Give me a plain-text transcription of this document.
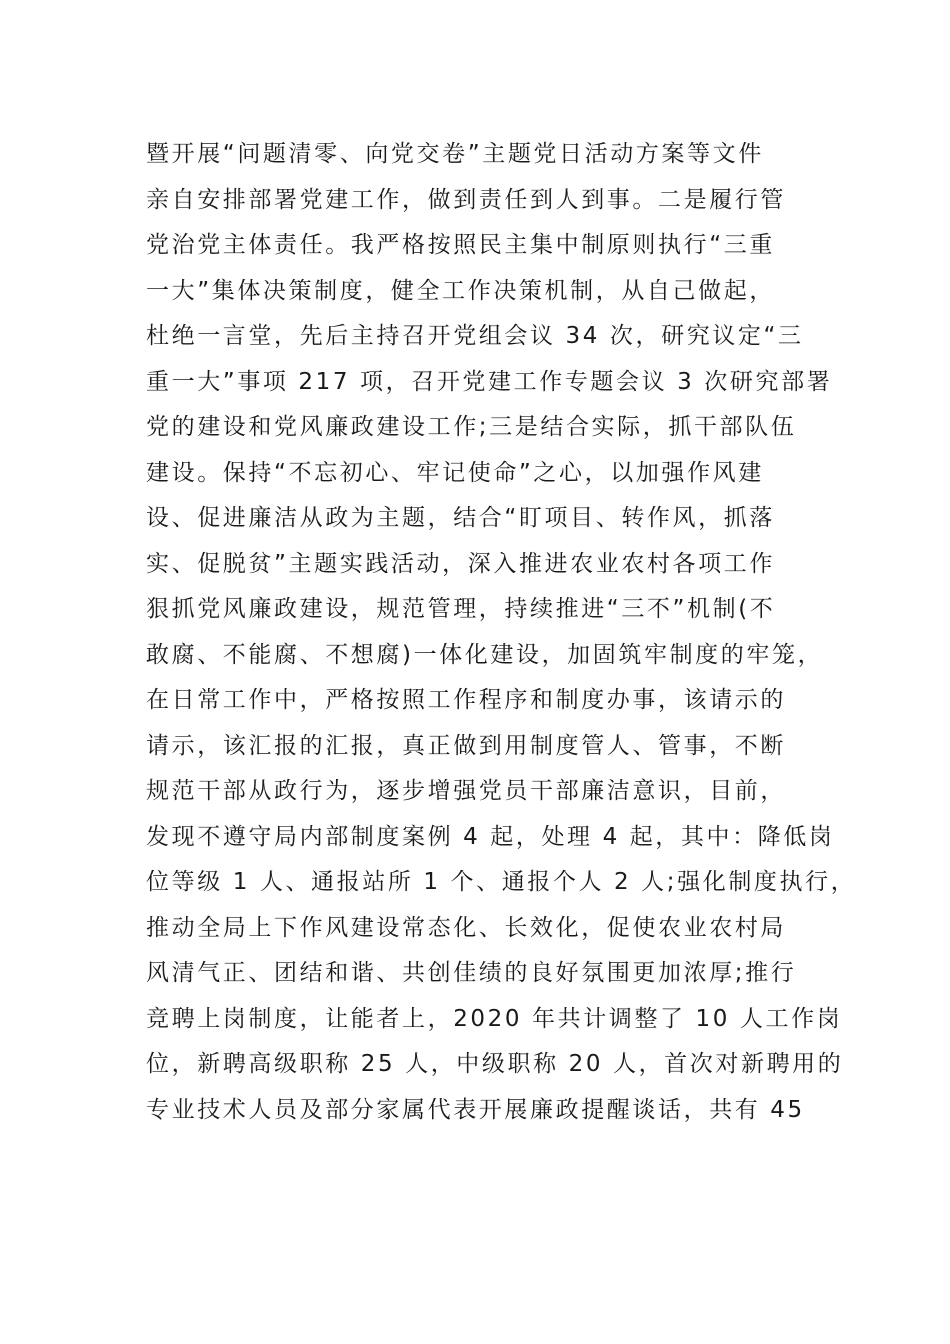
暨开展“问题清零、向党交卷”主题党日活动方案等文件
亲自安排部署党建工作，做到责任到人到事。二是履行管
党治党主体责任。我严格按照民主集中制原则执行“三重
一大”集体决策制度，健全工作决策机制，从自己做起，
杜绝一言堂，先后主持召开党组会议 34 次，研究议定“三
重一大”事项 217 项，召开党建工作专题会议 3 次研究部署
党的建设和党风廉政建设工作;三是结合实际，抓干部队伍
建设。保持“不忘初心、牢记使命”之心，以加强作风建
设、促进廉洁从政为主题，结合“盯项目、转作风，抓落
实、促脱贫”主题实践活动，深入推进农业农村各项工作
狠抓党风廉政建设，规范管理，持续推进“三不”机制(不
敢腐、不能腐、不想腐)一体化建设，加固筑牢制度的牢笼，
在日常工作中，严格按照工作程序和制度办事，该请示的
请示，该汇报的汇报，真正做到用制度管人、管事，不断
规范干部从政行为，逐步增强党员干部廉洁意识，目前，
发现不遵守局内部制度案例 4 起，处理 4 起，其中：降低岗
位等级 1 人、通报站所 1 个、通报个人 2 人;强化制度执行，
推动全局上下作风建设常态化、长效化，促使农业农村局
风清气正、团结和谐、共创佳绩的良好氛围更加浓厚;推行
竞聘上岗制度，让能者上，2020 年共计调整了 10 人工作岗
位，新聘高级职称 25 人，中级职称 20 人，首次对新聘用的
专业技术人员及部分家属代表开展廉政提醒谈话，共有 45
